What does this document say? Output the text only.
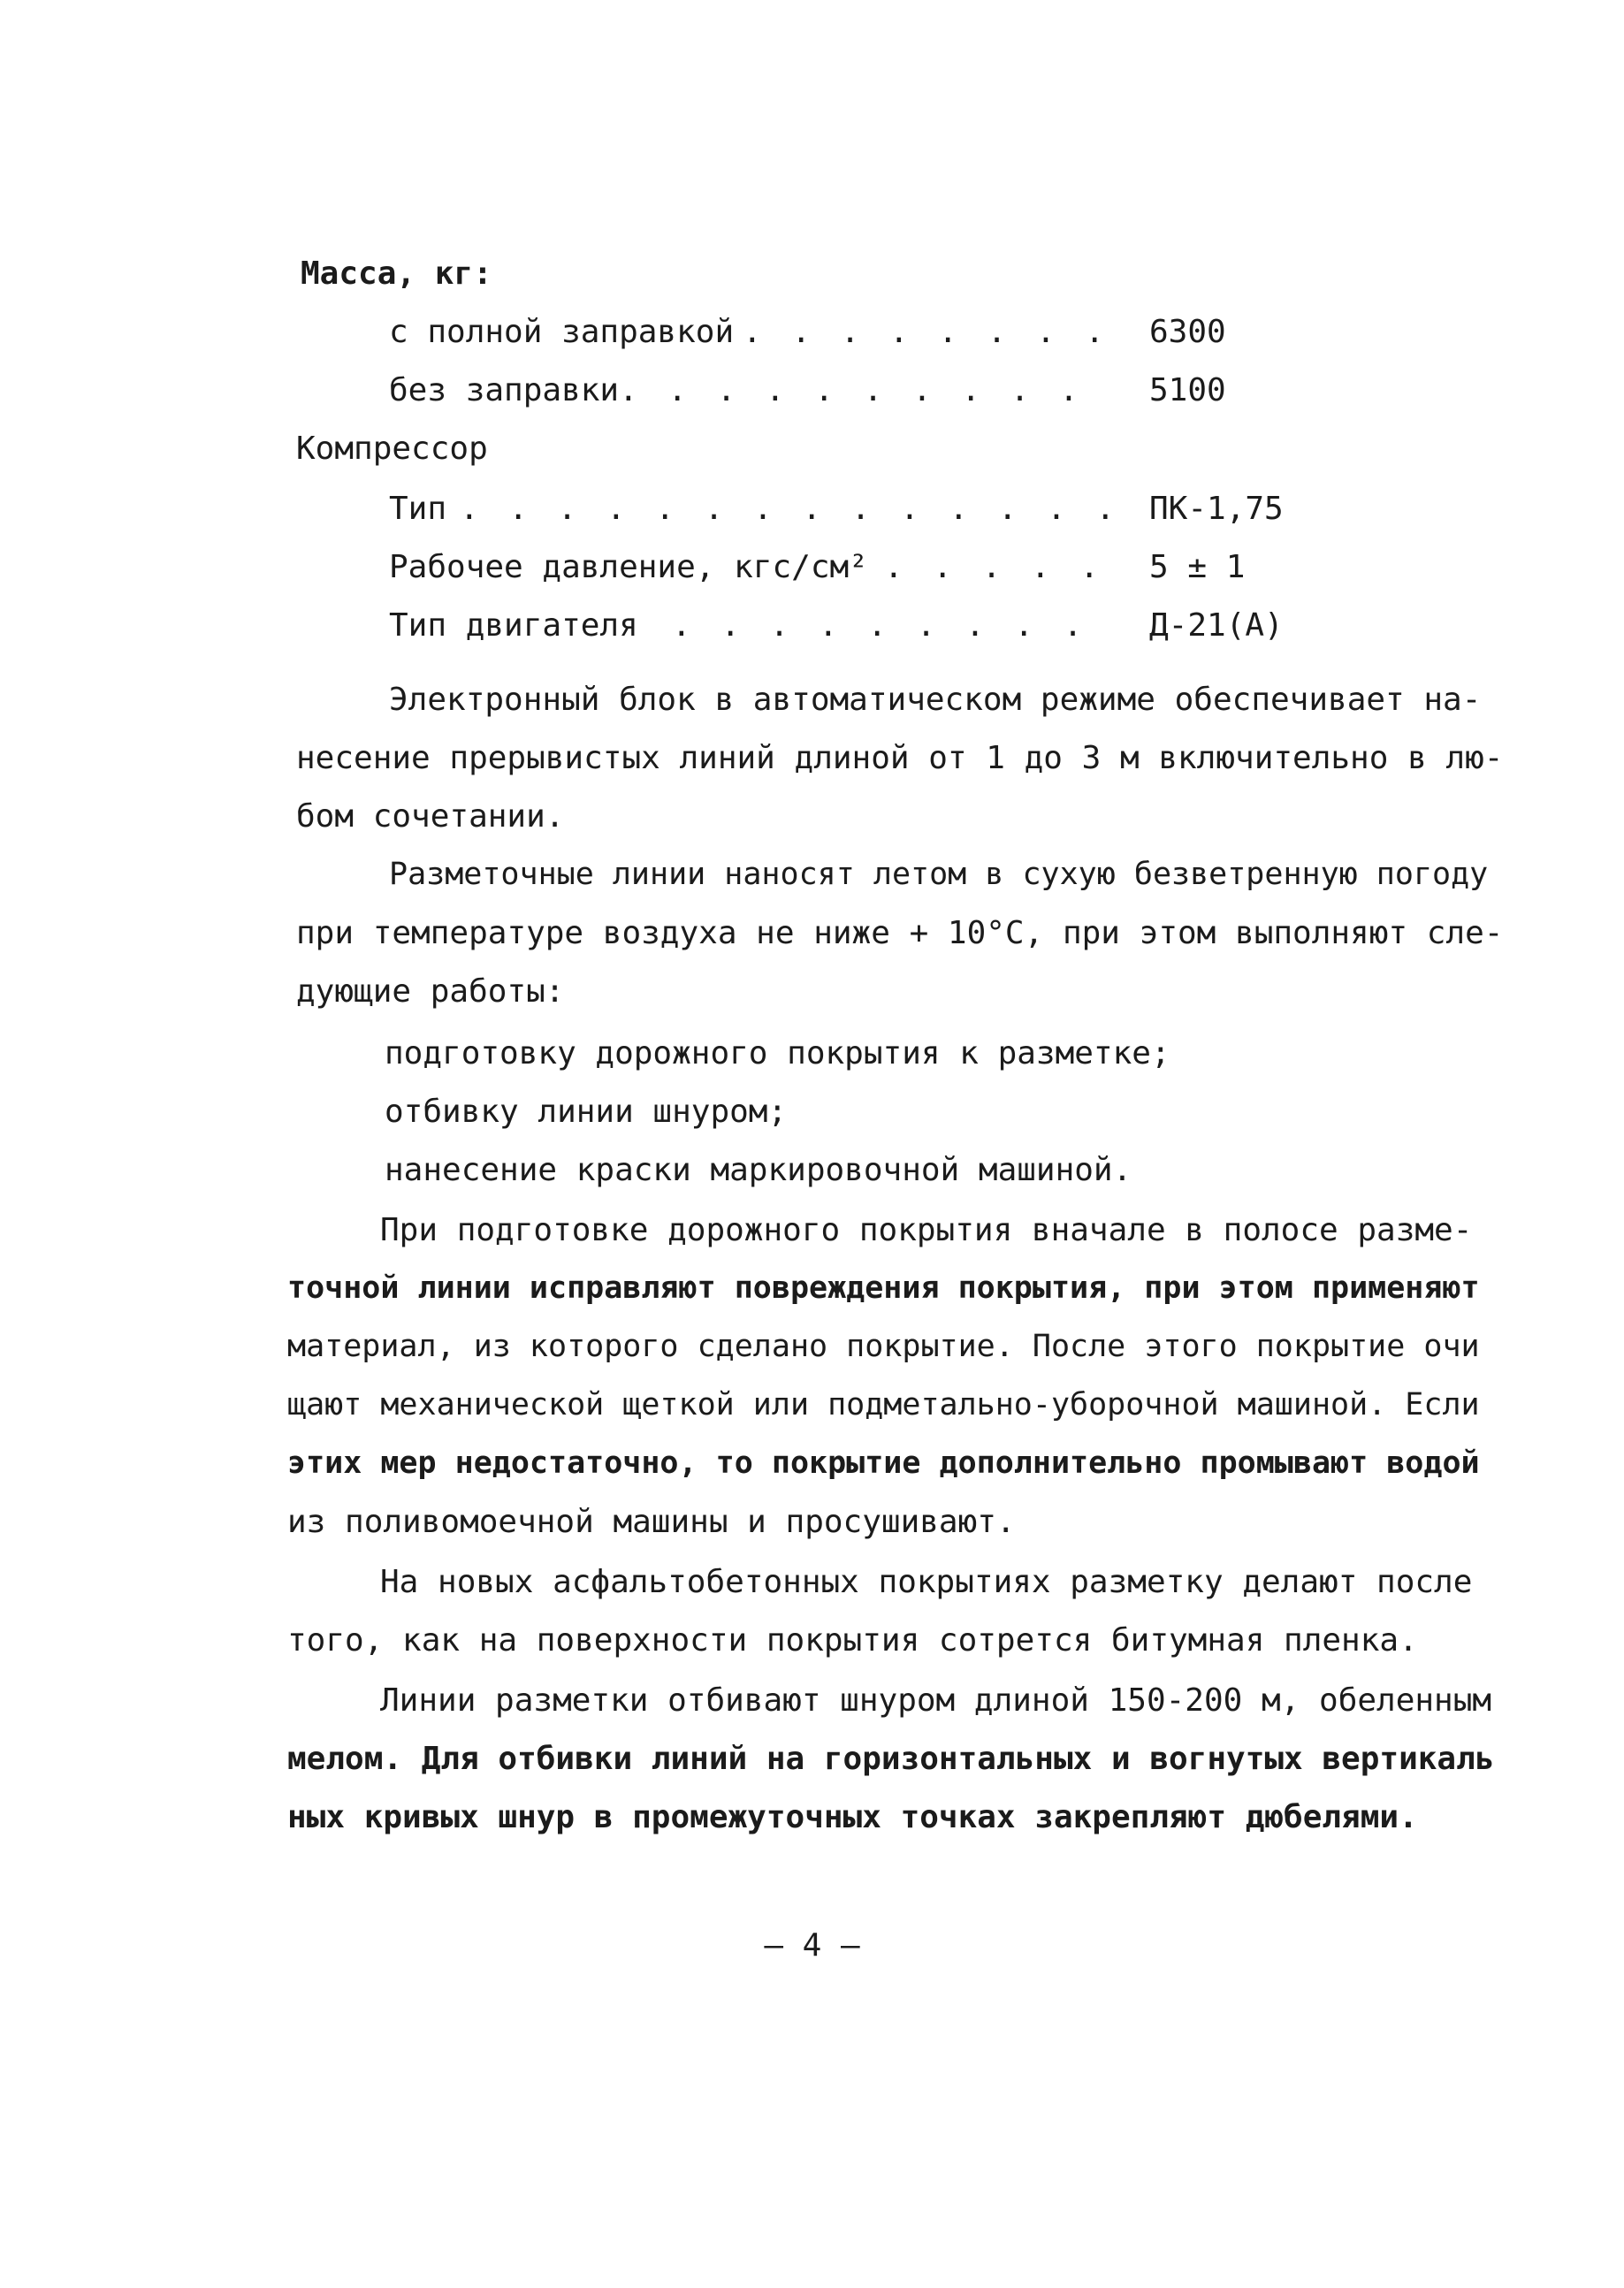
Масса, кг:
с полной заправкой . . . . . . . . 6300
без заправки . . . . . . . . . . 5100
Компрессор
Тип . . . . . . . . . . . . . . ПК-1,75
Рабочее давление, кгс/см² . . . . . 5 ± 1
Тип двигателя . . . . . . . . . Д-21(А)
Электронный блок в автоматическом режиме обеспечивает на-
несение прерывистых линий длиной от 1 до 3 м включительно в лю-
бом сочетании.
Разметочные линии наносят летом в сухую безветренную погоду
при температуре воздуха не ниже + 10°С, при этом выполняют сле-
дующие работы:
подготовку дорожного покрытия к разметке;
отбивку линии шнуром;
нанесение краски маркировочной машиной.
При подготовке дорожного покрытия вначале в полосе разме-
точной линии исправляют повреждения покрытия, при этом применяют
материал, из которого сделано покрытие. После этого покрытие очи
щают механической щеткой или подметально-уборочной машиной. Если
этих мер недостаточно, то покрытие дополнительно промывают водой
из поливомоечной машины и просушивают.
На новых асфальтобетонных покрытиях разметку делают после
того, как на поверхности покрытия сотрется битумная пленка.
Линии разметки отбивают шнуром длиной 150-200 м, обеленным
мелом. Для отбивки линий на горизонтальных и вогнутых вертикаль
ных кривых шнур в промежуточных точках закрепляют дюбелями.
– 4 –
